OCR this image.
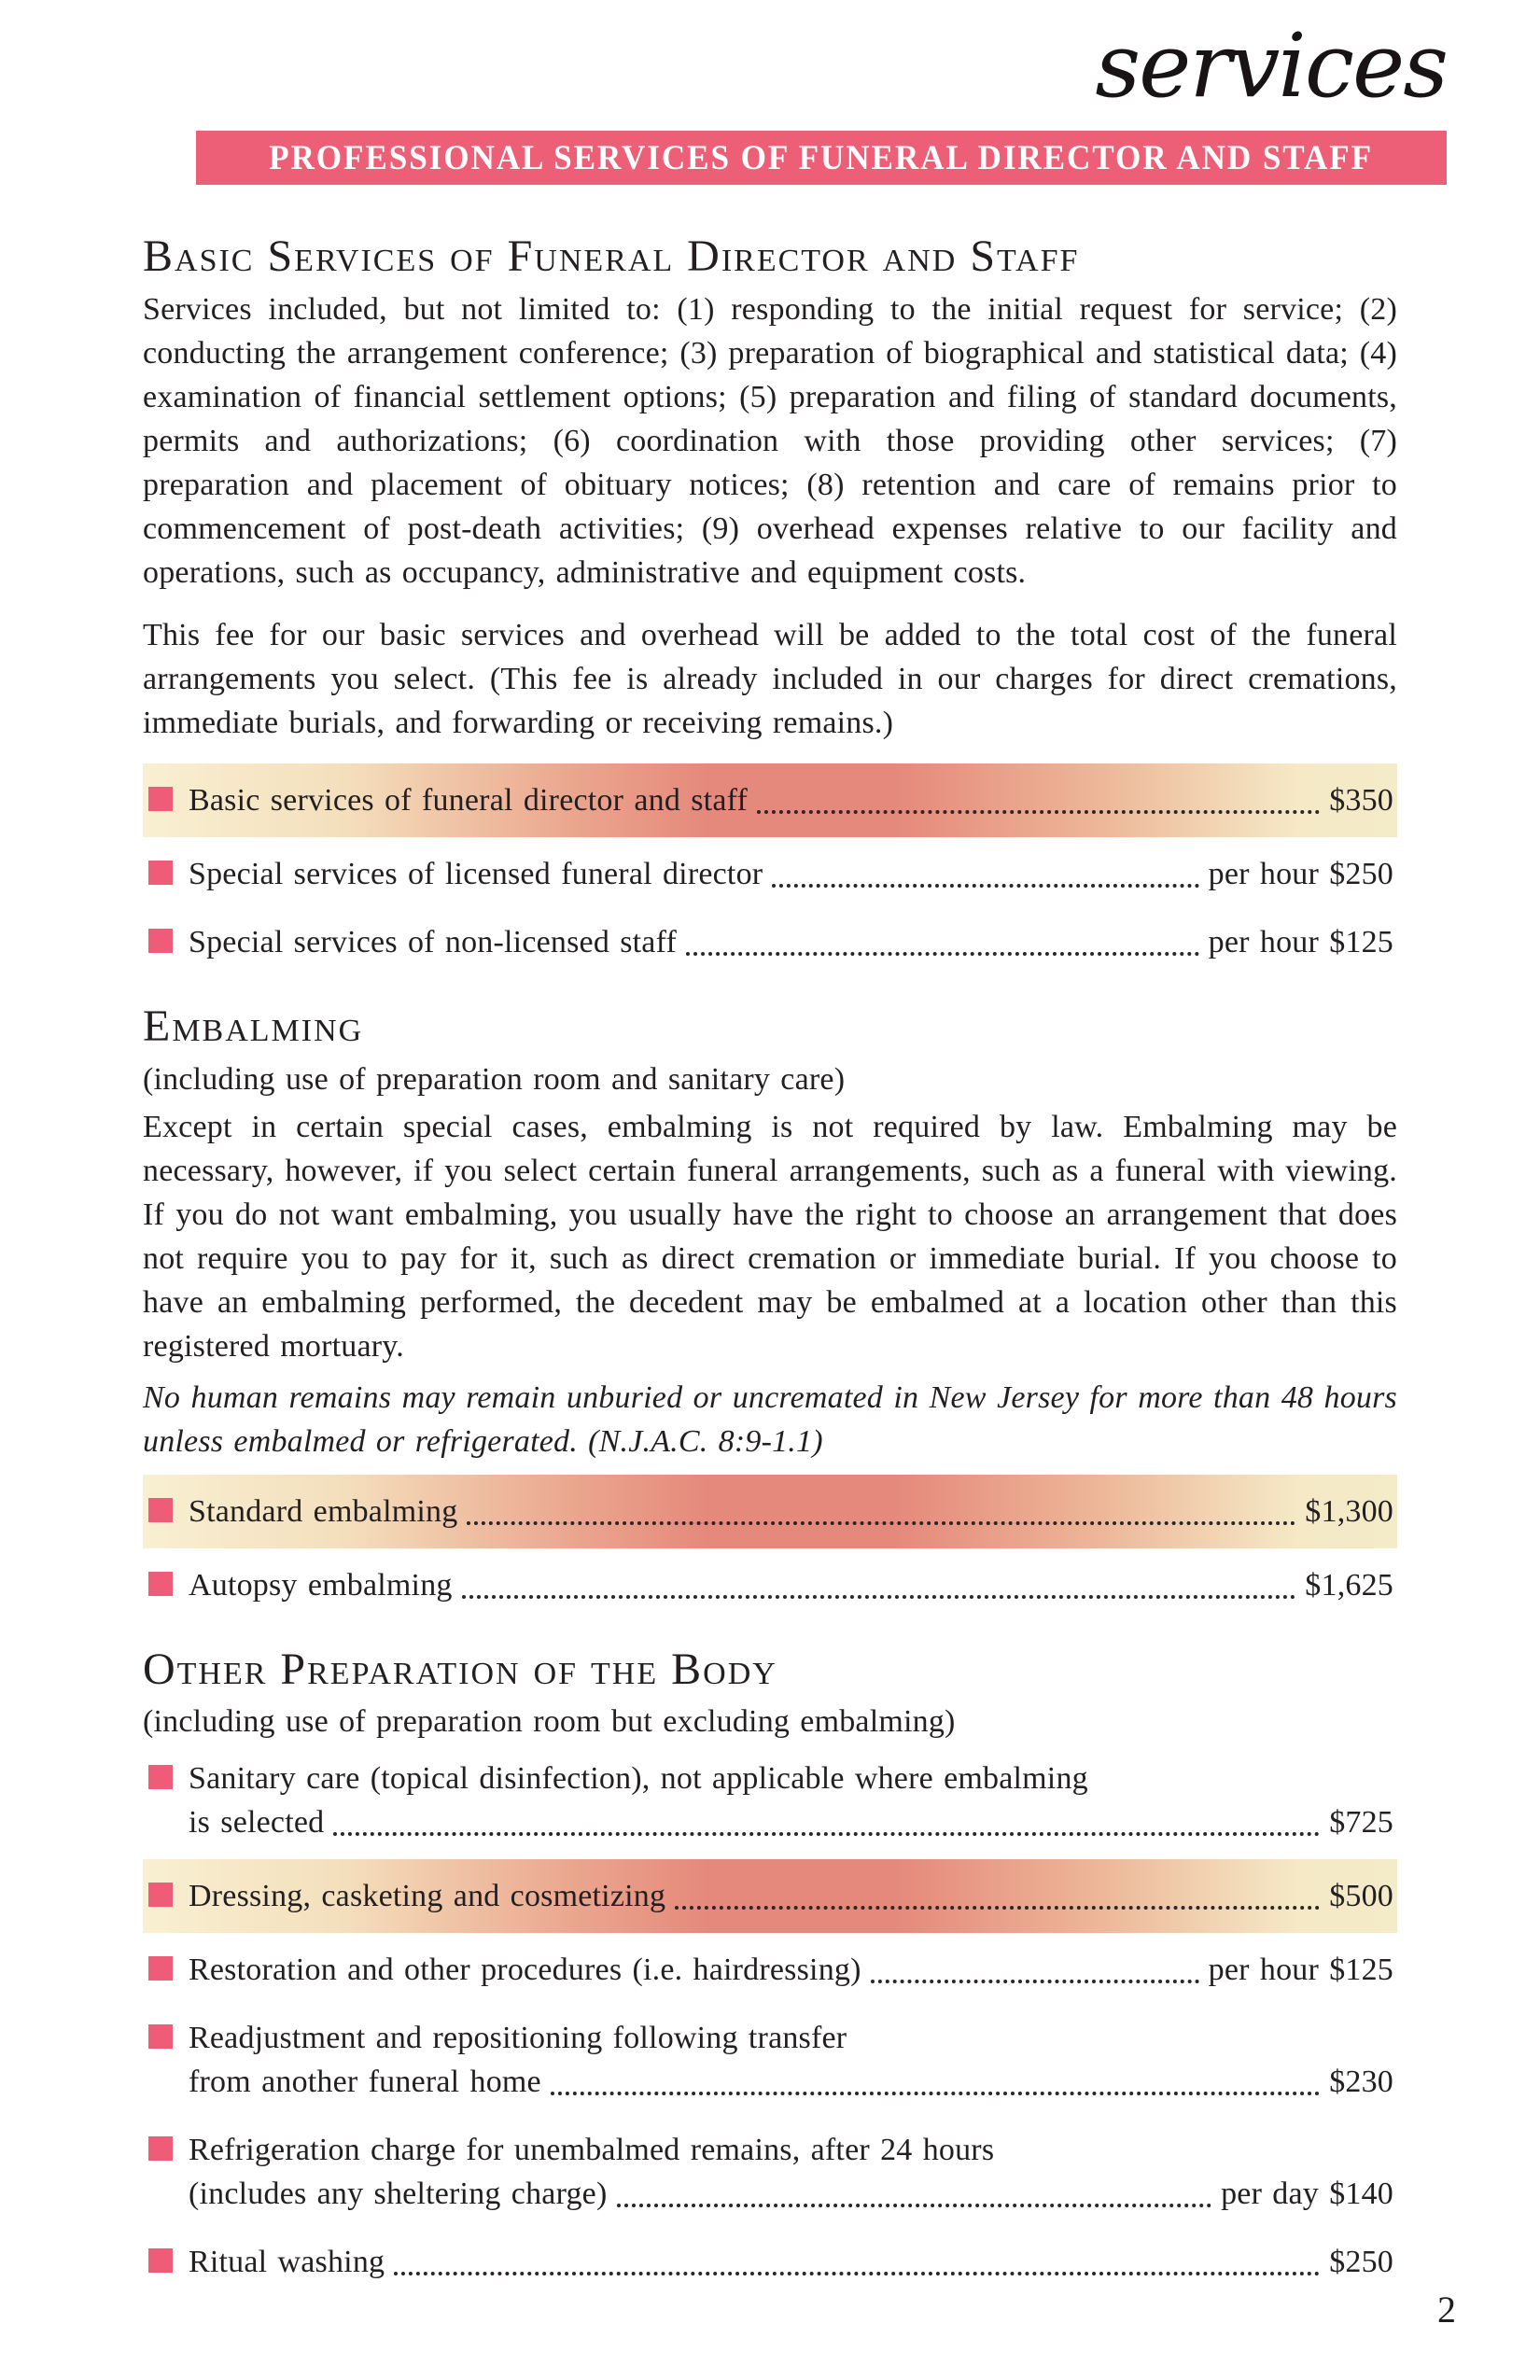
services
PROFESSIONAL SERVICES OF FUNERAL DIRECTOR AND STAFF
Basic Services of Funeral Director and Staff
Services included, but not limited to: (1) responding to the initial request for service; (2) conducting the arrangement conference; (3) preparation of biographical and statistical data; (4) examination of financial settlement options; (5) preparation and filing of standard documents, permits and authorizations; (6) coordination with those providing other services; (7) preparation and placement of obituary notices; (8) retention and care of remains prior to commencement of post-death activities; (9) overhead expenses relative to our facility and operations, such as occupancy, administrative and equipment costs.
This fee for our basic services and overhead will be added to the total cost of the funeral arrangements you select. (This fee is already included in our charges for direct cremations, immediate burials, and forwarding or receiving remains.)
Basic services of funeral director and staff	$350
Special services of licensed funeral director	per hour $250
Special services of non-licensed staff	per hour $125
Embalming
(including use of preparation room and sanitary care)
Except in certain special cases, embalming is not required by law. Embalming may be necessary, however, if you select certain funeral arrangements, such as a funeral with viewing. If you do not want embalming, you usually have the right to choose an arrangement that does not require you to pay for it, such as direct cremation or immediate burial. If you choose to have an embalming performed, the decedent may be embalmed at a location other than this registered mortuary.
No human remains may remain unburied or uncremated in New Jersey for more than 48 hours unless embalmed or refrigerated. (N.J.A.C. 8:9-1.1)
Standard embalming	$1,300
Autopsy embalming	$1,625
Other Preparation of the Body
(including use of preparation room but excluding embalming)
Sanitary care (topical disinfection), not applicable where embalming
is selected	$725
Dressing, casketing and cosmetizing	$500
Restoration and other procedures (i.e. hairdressing)	per hour $125
Readjustment and repositioning following transfer
from another funeral home	$230
Refrigeration charge for unembalmed remains, after 24 hours
(includes any sheltering charge)	per day $140
Ritual washing	$250
2
